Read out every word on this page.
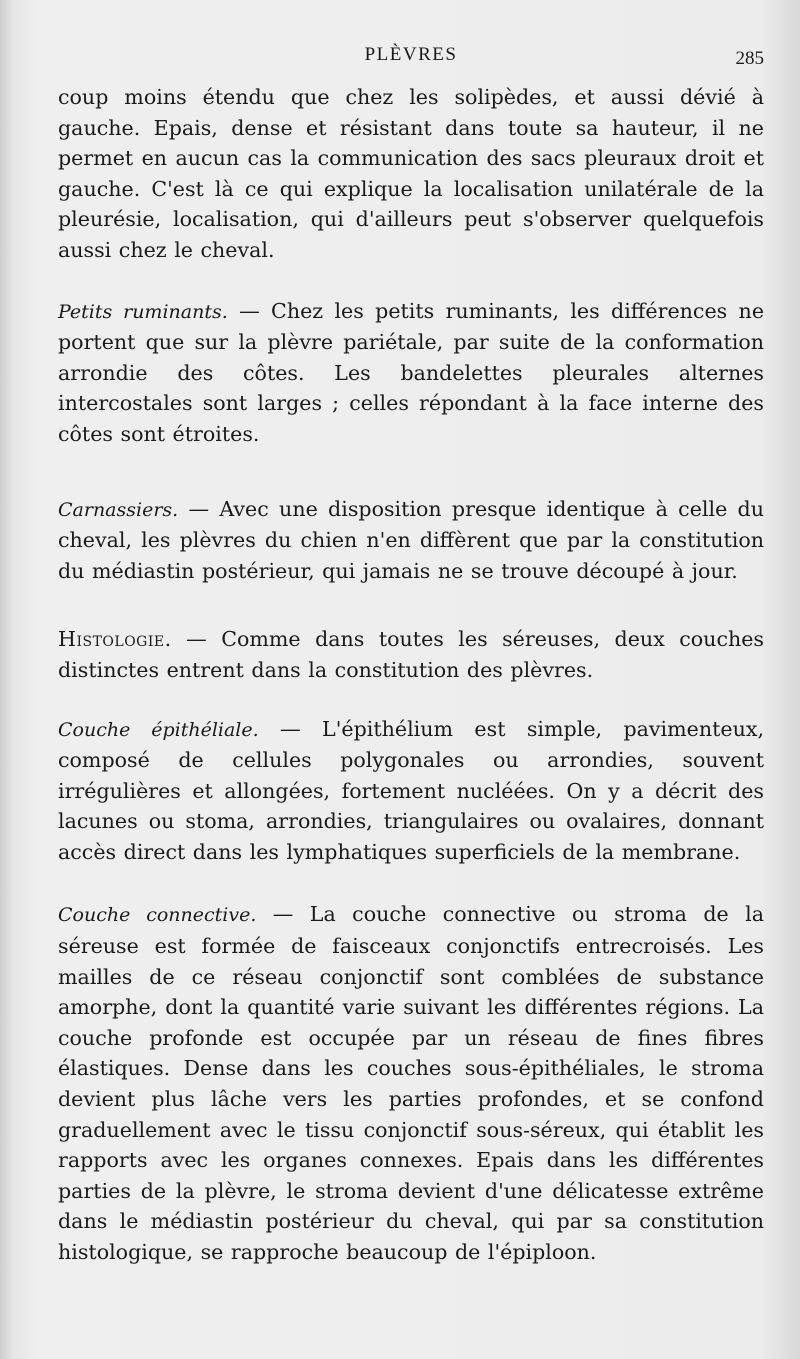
PLÈVRES	285

coup moins étendu que chez les solipèdes, et aussi dévié à gauche. Epais, dense et résistant dans toute sa hauteur, il ne permet en aucun cas la communication des sacs pleuraux droit et gauche. C'est là ce qui explique la localisation unilatérale de la pleurésie, localisation, qui d'ailleurs peut s'observer quelquefois aussi chez le cheval.

Petits ruminants. — Chez les petits ruminants, les différences ne portent que sur la plèvre pariétale, par suite de la conformation arrondie des côtes. Les bandelettes pleurales alternes intercostales sont larges ; celles répondant à la face interne des côtes sont étroites.

Carnassiers. — Avec une disposition presque identique à celle du cheval, les plèvres du chien n'en diffèrent que par la constitution du médiastin postérieur, qui jamais ne se trouve découpé à jour.

Histologie. — Comme dans toutes les séreuses, deux couches distinctes entrent dans la constitution des plèvres.

Couche épithéliale. — L'épithélium est simple, pavimenteux, composé de cellules polygonales ou arrondies, souvent irrégulières et allongées, fortement nucléées. On y a décrit des lacunes ou stoma, arrondies, triangulaires ou ovalaires, donnant accès direct dans les lymphatiques superficiels de la membrane.

Couche connective. — La couche connective ou stroma de la séreuse est formée de faisceaux conjonctifs entrecroisés. Les mailles de ce réseau conjonctif sont comblées de substance amorphe, dont la quantité varie suivant les différentes régions. La couche profonde est occupée par un réseau de fines fibres élastiques. Dense dans les couches sous-épithéliales, le stroma devient plus lâche vers les parties profondes, et se confond graduellement avec le tissu conjonctif sous-séreux, qui établit les rapports avec les organes connexes. Epais dans les différentes parties de la plèvre, le stroma devient d'une délicatesse extrême dans le médiastin postérieur du cheval, qui par sa constitution histologique, se rapproche beaucoup de l'épiploon.
